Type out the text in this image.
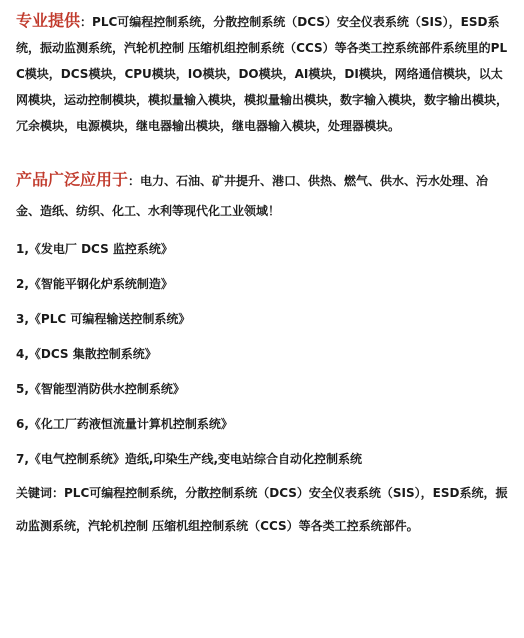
专业提供：PLC可编程控制系统，分散控制系统（DCS）安全仪表系统（SIS），ESD系统，振动监测系统，汽轮机控制 压缩机组控制系统（CCS）等各类工控系统部件系统里的PLC模块，DCS模块，CPU模块，IO模块，DO模块，AI模块，DI模块，网络通信模块，以太网模块，运动控制模块，模拟量输入模块，模拟量输出模块，数字输入模块，数字输出模块，冗余模块，电源模块，继电器输出模块，继电器输入模块，处理器模块。

产品广泛应用于：电力、石油、矿井提升、港口、供热、燃气、供水、污水处理、冶金、造纸、纺织、化工、水利等现代化工业领域！

1,《发电厂 DCS 监控系统》
2,《智能平钢化炉系统制造》
3,《PLC 可编程输送控制系统》
4,《DCS 集散控制系统》
5,《智能型消防供水控制系统》
6,《化工厂药液恒流量计算机控制系统》
7,《电气控制系统》造纸,印染生产线,变电站综合自动化控制系统

关键词：PLC可编程控制系统，分散控制系统（DCS）安全仪表系统（SIS），ESD系统，振动监测系统，汽轮机控制 压缩机组控制系统（CCS）等各类工控系统部件。
